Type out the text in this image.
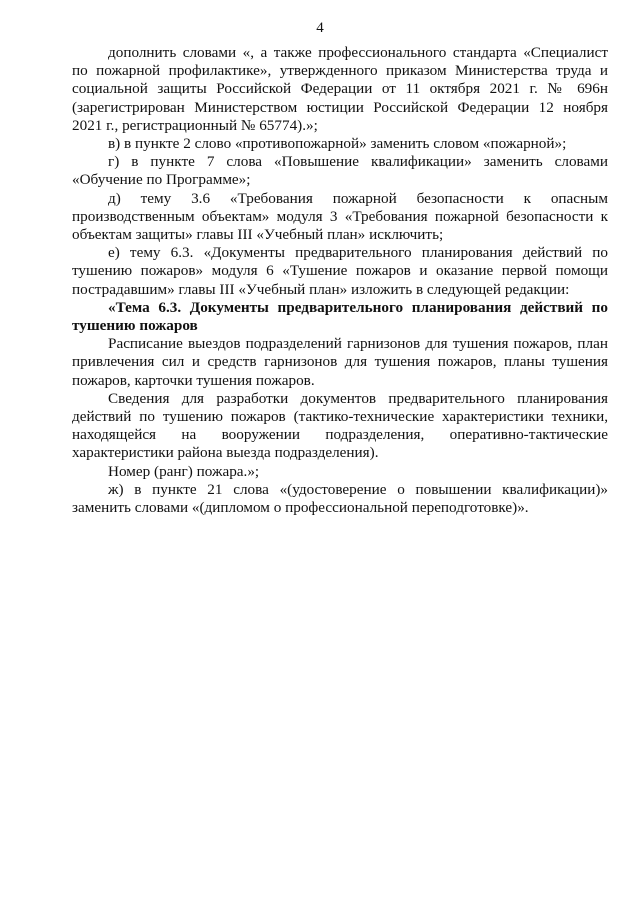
4

дополнить словами «, а также профессионального стандарта «Специалист по пожарной профилактике», утвержденного приказом Министерства труда и социальной защиты Российской Федерации от 11 октября 2021 г. № 696н (зарегистрирован Министерством юстиции Российской Федерации 12 ноября 2021 г., регистрационный № 65774).»;

в) в пункте 2 слово «противопожарной» заменить словом «пожарной»;

г) в пункте 7 слова «Повышение квалификации» заменить словами «Обучение по Программе»;

д) тему 3.6 «Требования пожарной безопасности к опасным производственным объектам» модуля 3 «Требования пожарной безопасности к объектам защиты» главы III «Учебный план» исключить;

е) тему 6.3. «Документы предварительного планирования действий по тушению пожаров» модуля 6 «Тушение пожаров и оказание первой помощи пострадавшим» главы III «Учебный план» изложить в следующей редакции:

«Тема 6.3. Документы предварительного планирования действий по тушению пожаров

Расписание выездов подразделений гарнизонов для тушения пожаров, план привлечения сил и средств гарнизонов для тушения пожаров, планы тушения пожаров, карточки тушения пожаров.

Сведения для разработки документов предварительного планирования действий по тушению пожаров (тактико-технические характеристики техники, находящейся на вооружении подразделения, оперативно-тактические характеристики района выезда подразделения).

Номер (ранг) пожара.»;

ж) в пункте 21 слова «(удостоверение о повышении квалификации)» заменить словами «(дипломом о профессиональной переподготовке)».
